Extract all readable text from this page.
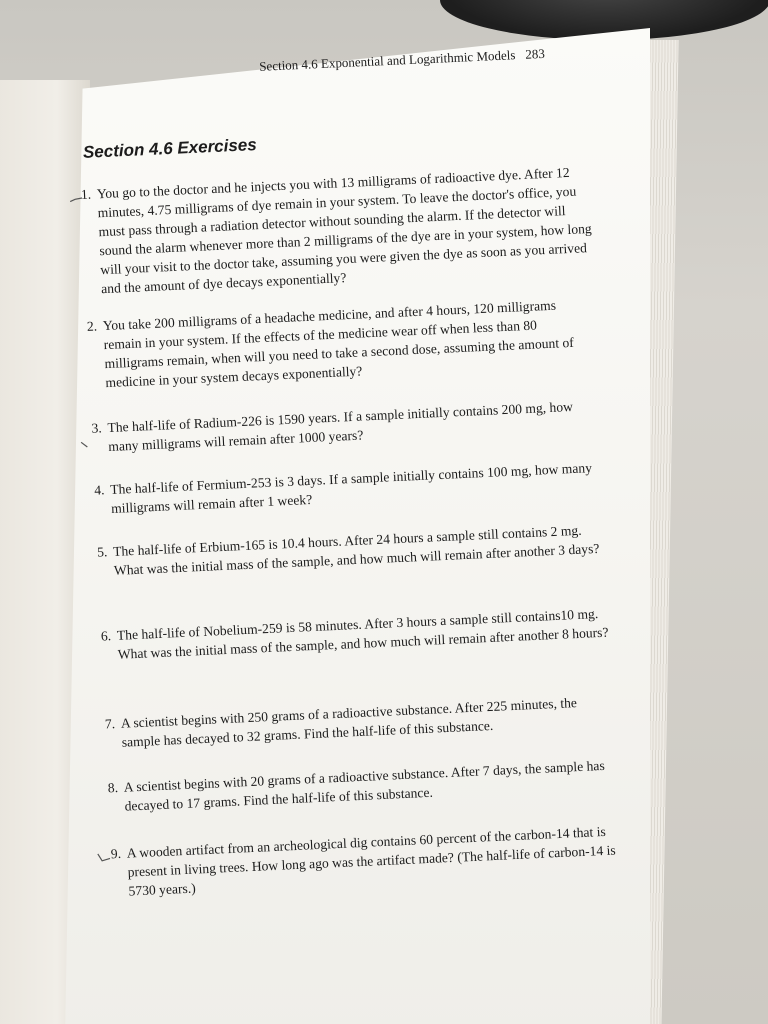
Section 4.6 Exponential and Logarithmic Models 283
Section 4.6 Exercises
1. You go to the doctor and he injects you with 13 milligrams of radioactive dye. After 12 minutes, 4.75 milligrams of dye remain in your system. To leave the doctor's office, you must pass through a radiation detector without sounding the alarm. If the detector will sound the alarm whenever more than 2 milligrams of the dye are in your system, how long will your visit to the doctor take, assuming you were given the dye as soon as you arrived and the amount of dye decays exponentially?
2. You take 200 milligrams of a headache medicine, and after 4 hours, 120 milligrams remain in your system. If the effects of the medicine wear off when less than 80 milligrams remain, when will you need to take a second dose, assuming the amount of medicine in your system decays exponentially?
3. The half-life of Radium-226 is 1590 years. If a sample initially contains 200 mg, how many milligrams will remain after 1000 years?
4. The half-life of Fermium-253 is 3 days. If a sample initially contains 100 mg, how many milligrams will remain after 1 week?
5. The half-life of Erbium-165 is 10.4 hours. After 24 hours a sample still contains 2 mg. What was the initial mass of the sample, and how much will remain after another 3 days?
6. The half-life of Nobelium-259 is 58 minutes. After 3 hours a sample still contains10 mg. What was the initial mass of the sample, and how much will remain after another 8 hours?
7. A scientist begins with 250 grams of a radioactive substance. After 225 minutes, the sample has decayed to 32 grams. Find the half-life of this substance.
8. A scientist begins with 20 grams of a radioactive substance. After 7 days, the sample has decayed to 17 grams. Find the half-life of this substance.
9. A wooden artifact from an archeological dig contains 60 percent of the carbon-14 that is present in living trees. How long ago was the artifact made? (The half-life of carbon-14 is 5730 years.)
